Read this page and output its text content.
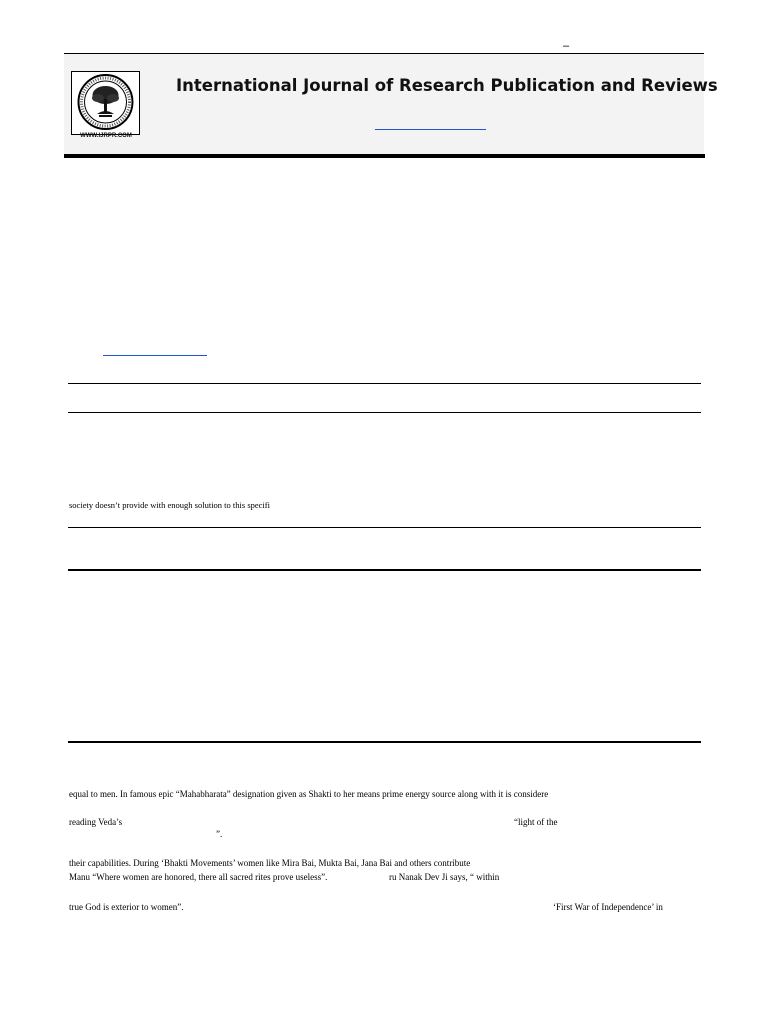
–
WWW.IJRPR.COM
International Journal of Research Publication and Reviews
society doesn’t provide with enough solution to this specifi
equal to men. In famous epic “Mahabharata” designation given as Shakti to her means prime energy source along with it is considere
reading Veda’s	“light of the
”.
their capabilities. During ‘Bhakti Movements’ women like Mira Bai, Mukta Bai, Jana Bai and others contribute
Manu “Where women are honored, there all sacred rites prove useless”.	ru Nanak Dev Ji says, “ within
true God is exterior to women”.	‘First War of Independence’ in
